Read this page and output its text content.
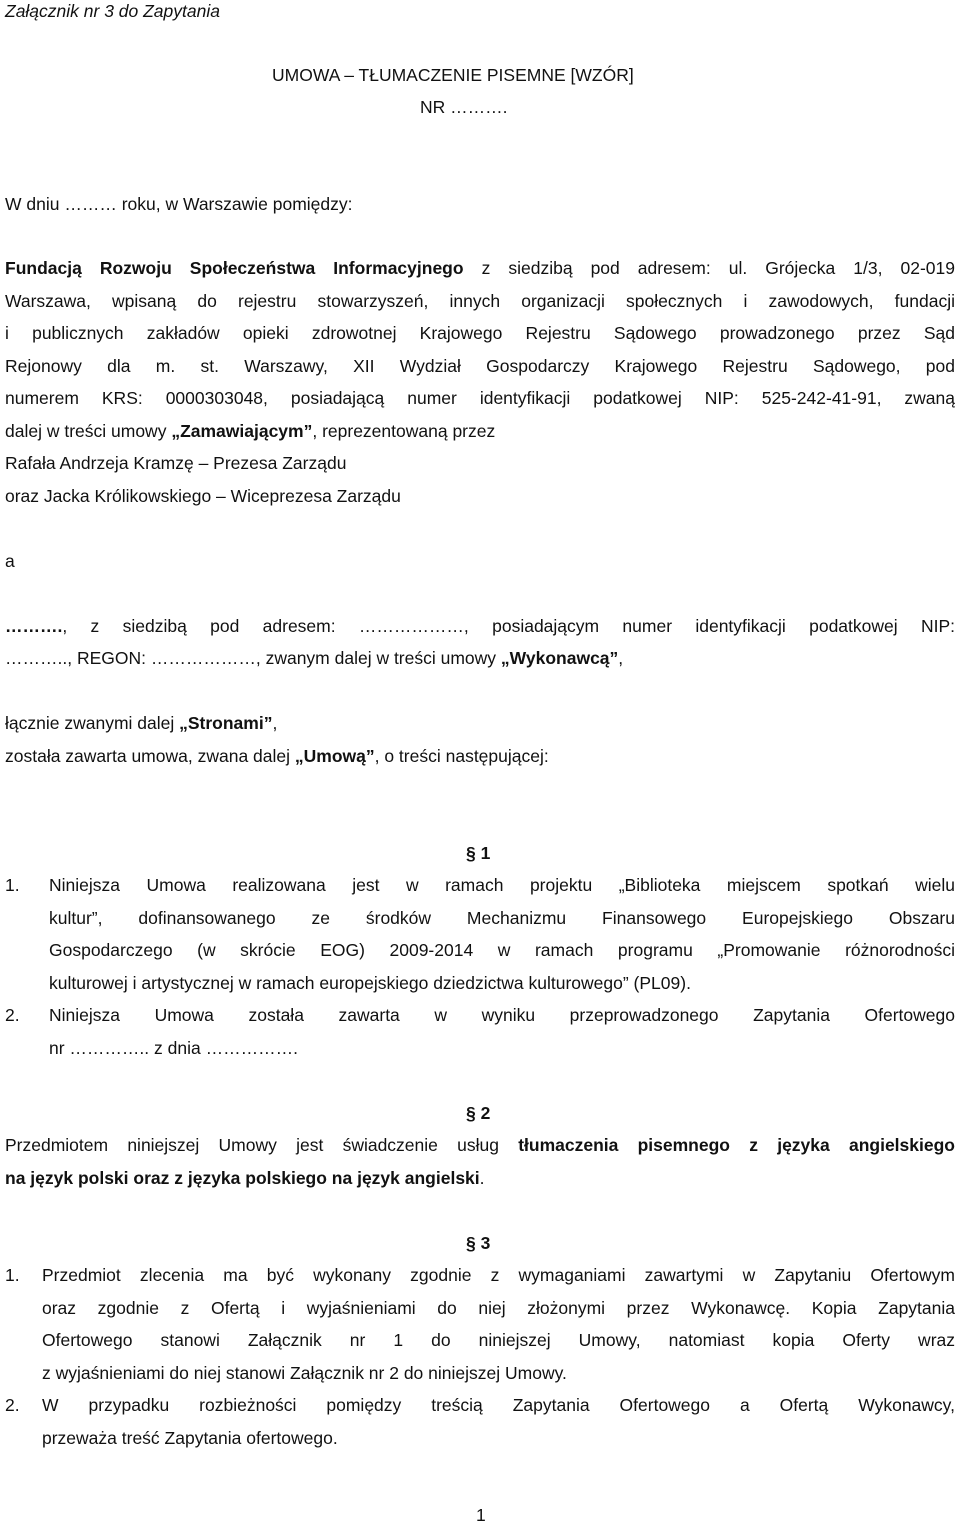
Załącznik nr 3 do Zapytania
UMOWA – TŁUMACZENIE PISEMNE [WZÓR]
NR ……….
W dniu ……… roku, w Warszawie pomiędzy:
Fundacją Rozwoju Społeczeństwa Informacyjnego z siedzibą pod adresem: ul. Grójecka 1/3, 02-019
Warszawa, wpisaną do rejestru stowarzyszeń, innych organizacji społecznych i zawodowych, fundacji
i publicznych zakładów opieki zdrowotnej Krajowego Rejestru Sądowego prowadzonego przez Sąd
Rejonowy dla m. st. Warszawy, XII Wydział Gospodarczy Krajowego Rejestru Sądowego, pod
numerem KRS: 0000303048, posiadającą numer identyfikacji podatkowej NIP: 525-242-41-91, zwaną
dalej w treści umowy „Zamawiającym”, reprezentowaną przez
Rafała Andrzeja Kramzę – Prezesa Zarządu
oraz Jacka Królikowskiego – Wiceprezesa Zarządu
a
………., z siedzibą pod adresem: ………………, posiadającym numer identyfikacji podatkowej NIP:
……….., REGON: ………………, zwanym dalej w treści umowy „Wykonawcą”,
łącznie zwanymi dalej „Stronami”,
została zawarta umowa, zwana dalej „Umową”, o treści następującej:
§ 1
1. Niniejsza Umowa realizowana jest w ramach projektu „Biblioteka miejscem spotkań wielu
kultur”, dofinansowanego ze środków Mechanizmu Finansowego Europejskiego Obszaru
Gospodarczego (w skrócie EOG) 2009-2014 w ramach programu „Promowanie różnorodności
kulturowej i artystycznej w ramach europejskiego dziedzictwa kulturowego” (PL09).
2. Niniejsza Umowa została zawarta w wyniku przeprowadzonego Zapytania Ofertowego
nr ………….. z dnia …………….
§ 2
Przedmiotem niniejszej Umowy jest świadczenie usług tłumaczenia pisemnego z języka angielskiego
na język polski oraz z języka polskiego na język angielski.
§ 3
1. Przedmiot zlecenia ma być wykonany zgodnie z wymaganiami zawartymi w Zapytaniu Ofertowym
oraz zgodnie z Ofertą i wyjaśnieniami do niej złożonymi przez Wykonawcę. Kopia Zapytania
Ofertowego stanowi Załącznik nr 1 do niniejszej Umowy, natomiast kopia Oferty wraz
z wyjaśnieniami do niej stanowi Załącznik nr 2 do niniejszej Umowy.
2. W przypadku rozbieżności pomiędzy treścią Zapytania Ofertowego a Ofertą Wykonawcy,
przeważa treść Zapytania ofertowego.
1
